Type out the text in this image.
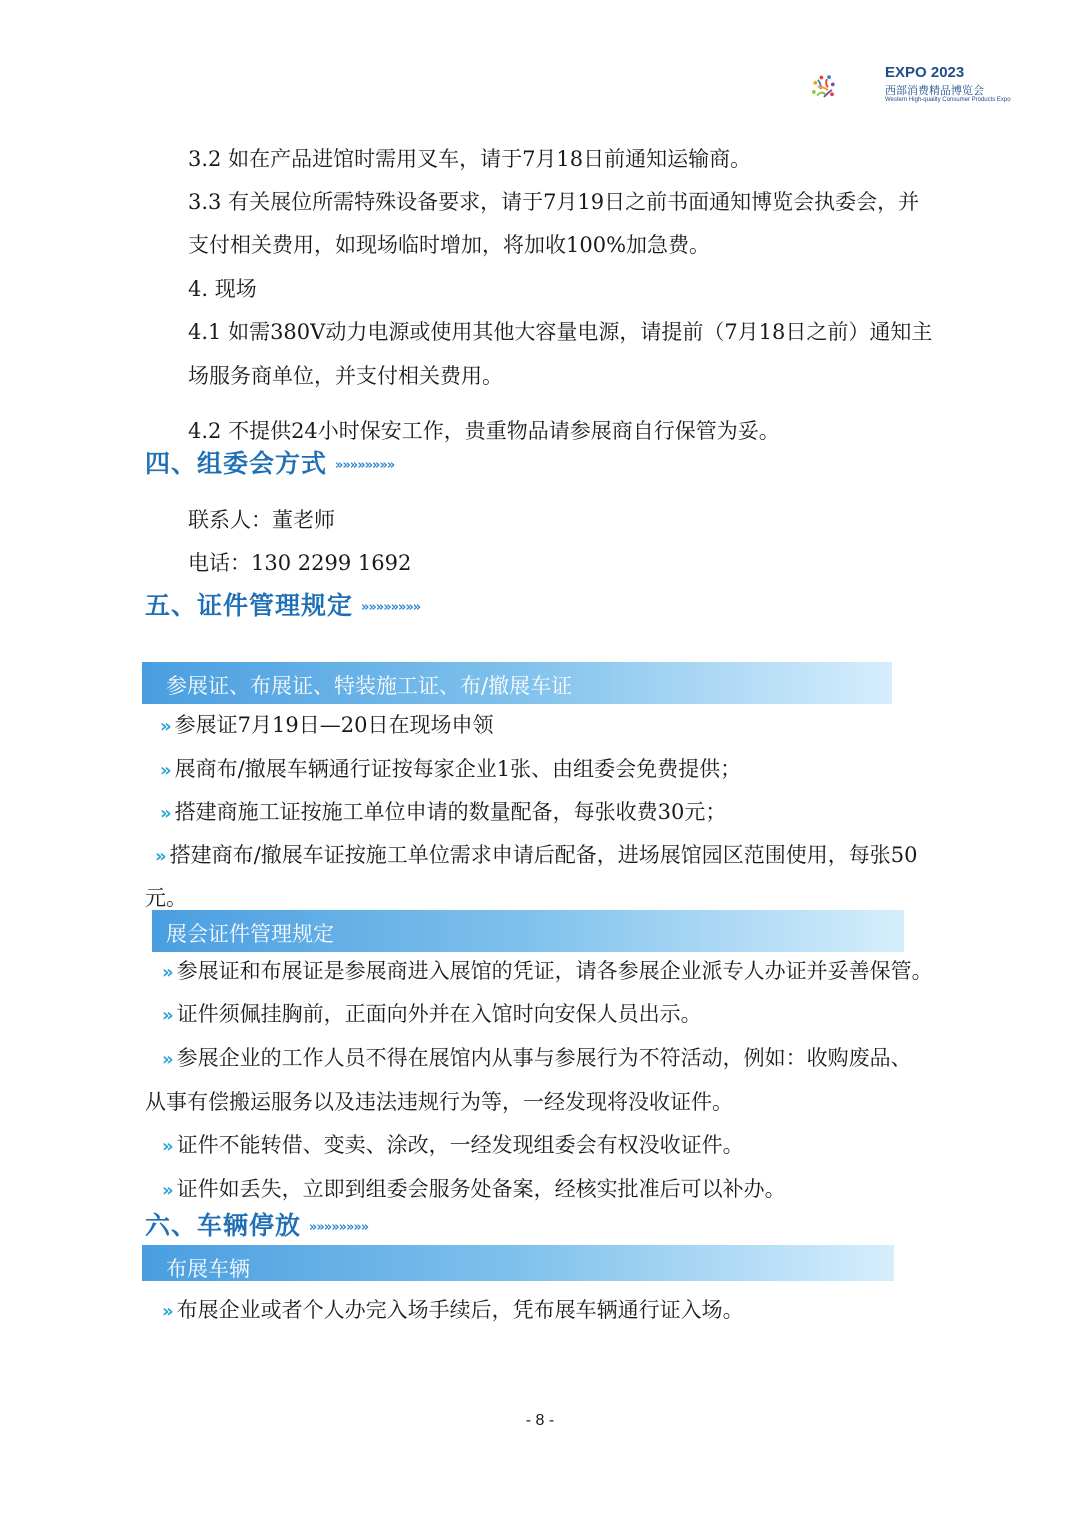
EXPO 2023
西部消费精品博览会
Western High-quality Consumer Products Expo
3.2 如在产品进馆时需用叉车，请于7月18日前通知运输商。
3.3 有关展位所需特殊设备要求，请于7月19日之前书面通知博览会执委会，并
支付相关费用，如现场临时增加，将加收100%加急费。
4. 现场
4.1 如需380V动力电源或使用其他大容量电源，请提前（7月18日之前）通知主
场服务商单位，并支付相关费用。
4.2 不提供24小时保安工作，贵重物品请参展商自行保管为妥。
四、组委会方式 »»»»»»»»
联系人：董老师
电话：130 2299 1692
五、证件管理规定 »»»»»»»»
参展证、布展证、特装施工证、布/撤展车证
» 参展证7月19日—20日在现场申领
» 展商布/撤展车辆通行证按每家企业1张、由组委会免费提供；
» 搭建商施工证按施工单位申请的数量配备，每张收费30元；
» 搭建商布/撤展车证按施工单位需求申请后配备，进场展馆园区范围使用，每张50
元。
展会证件管理规定
» 参展证和布展证是参展商进入展馆的凭证，请各参展企业派专人办证并妥善保管。
» 证件须佩挂胸前，正面向外并在入馆时向安保人员出示。
» 参展企业的工作人员不得在展馆内从事与参展行为不符活动，例如：收购废品、
从事有偿搬运服务以及违法违规行为等，一经发现将没收证件。
» 证件不能转借、变卖、涂改，一经发现组委会有权没收证件。
» 证件如丢失，立即到组委会服务处备案，经核实批准后可以补办。
六、车辆停放 »»»»»»»»
布展车辆
» 布展企业或者个人办完入场手续后，凭布展车辆通行证入场。
- 8 -
